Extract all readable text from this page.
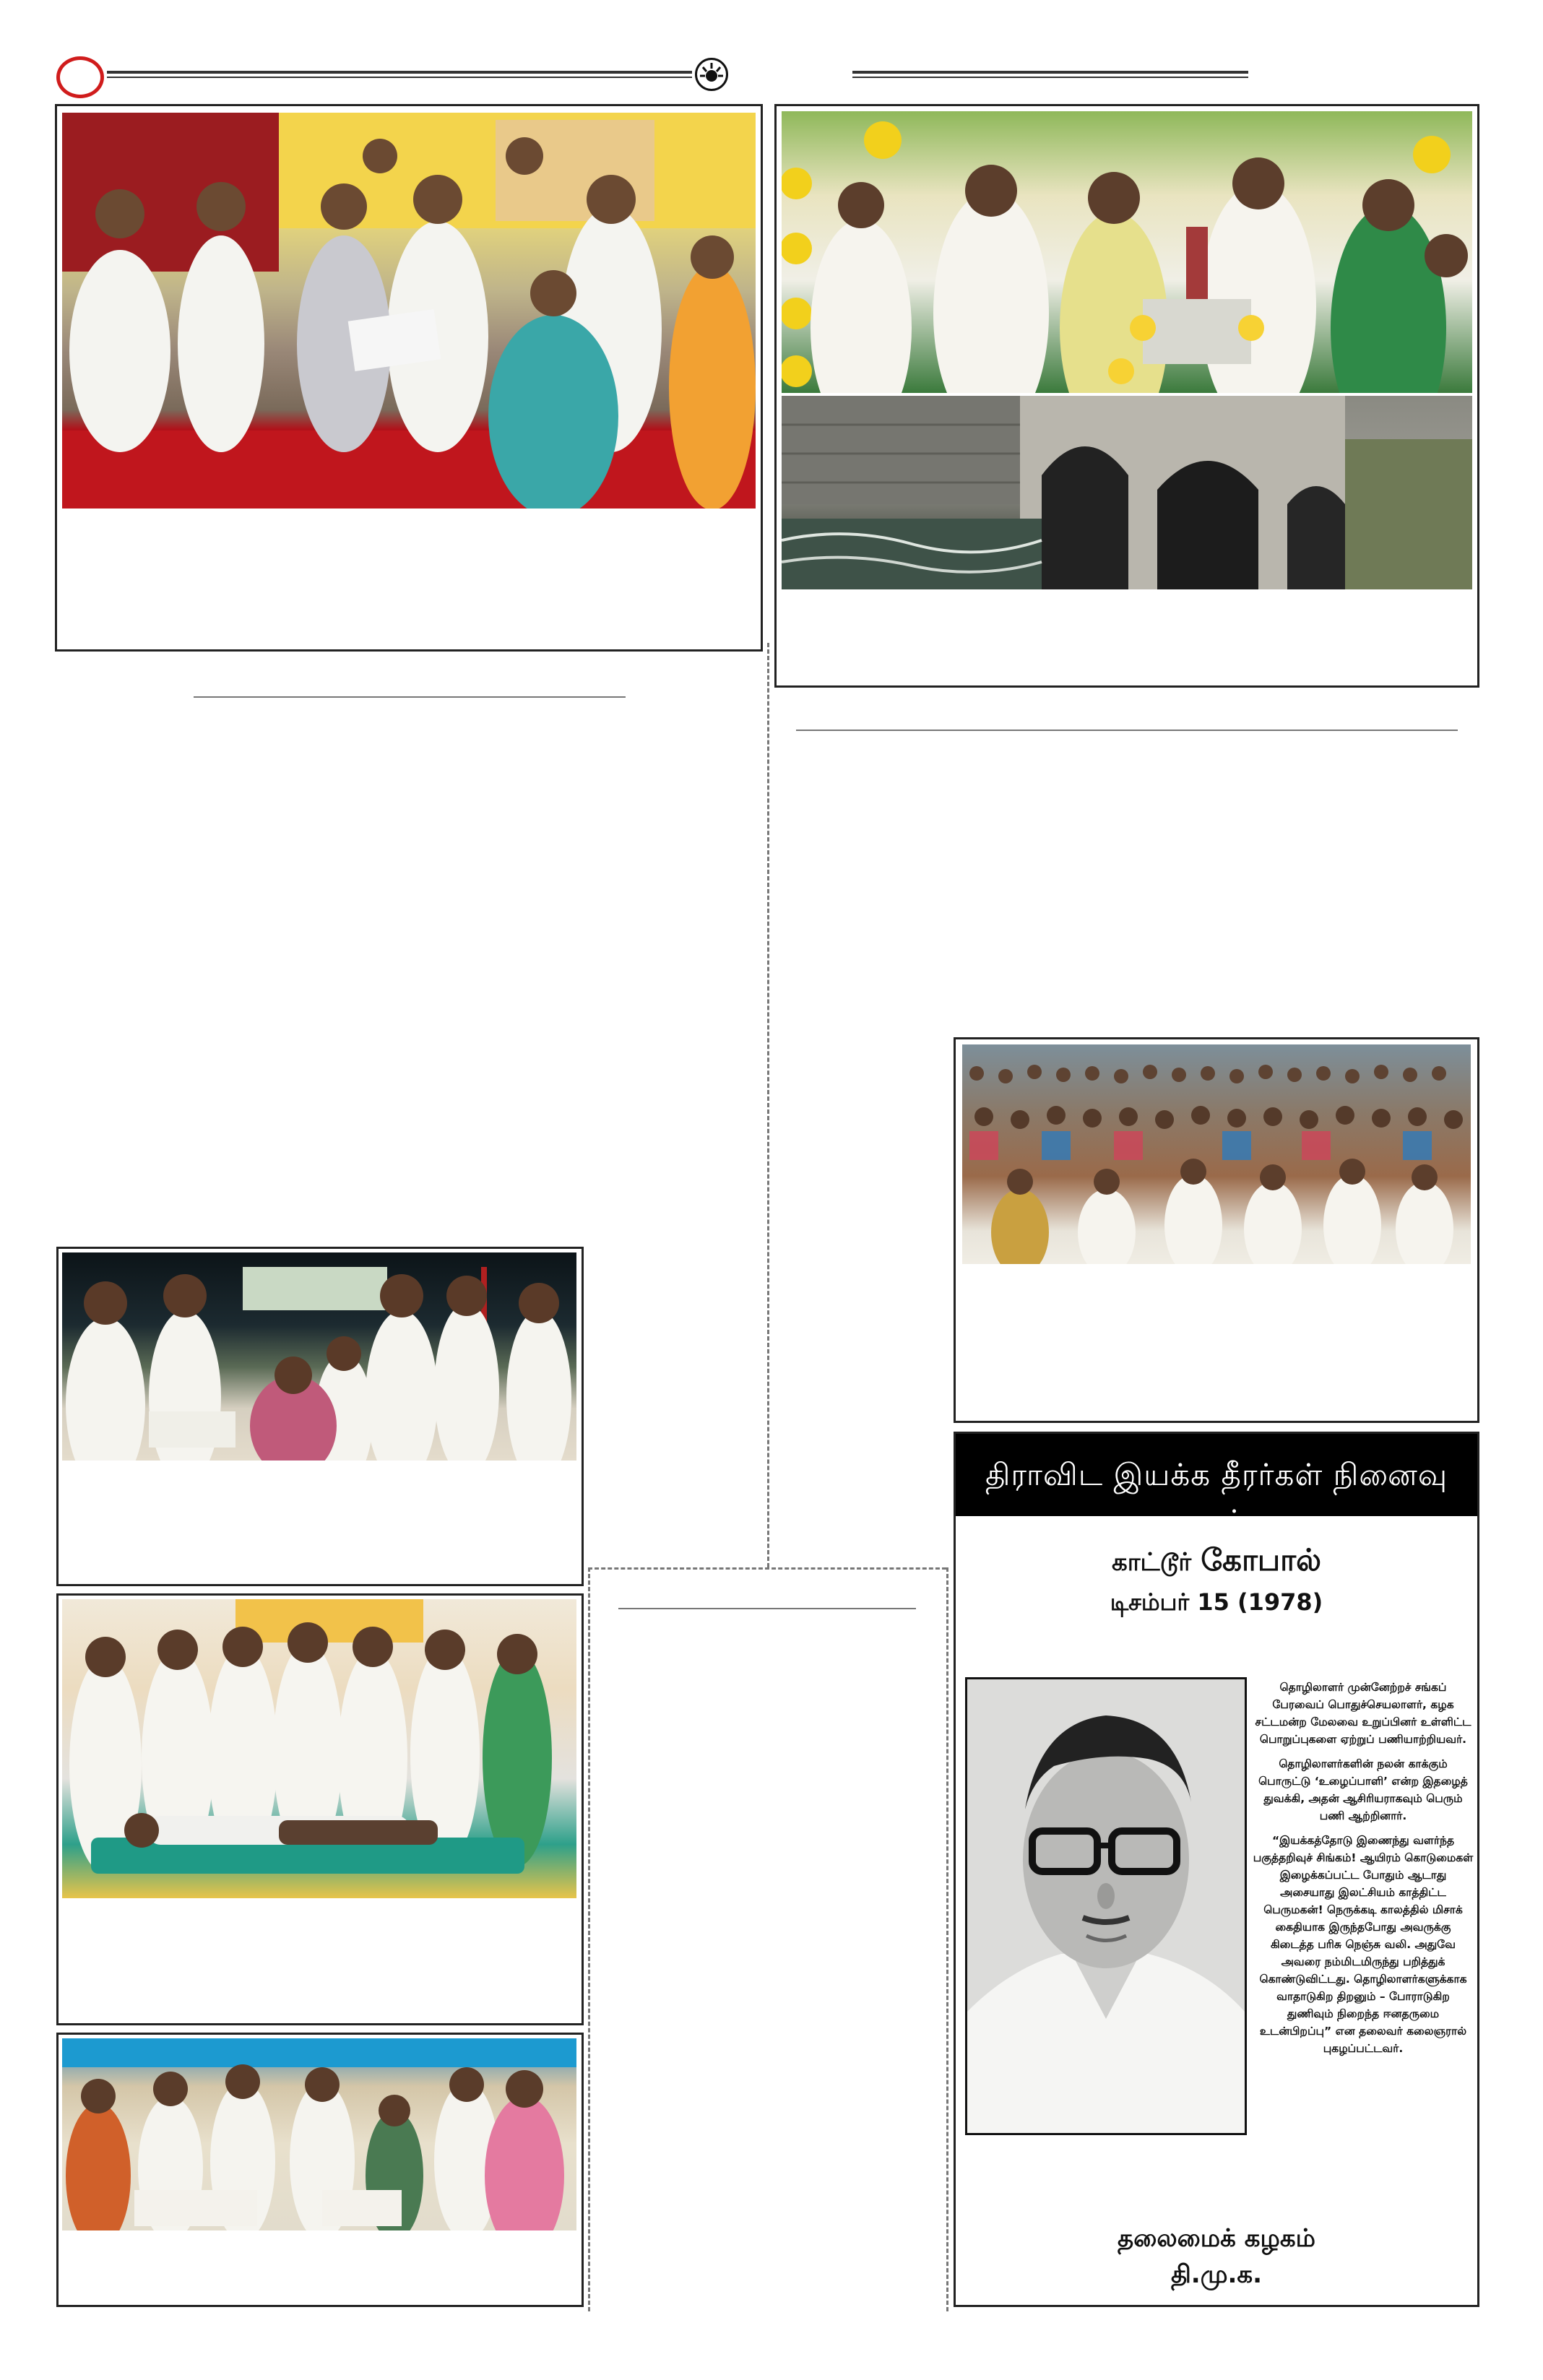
திராவிட இயக்க தீரர்கள் நினைவு நாள்
காட்டூர் கோபால்
டிசம்பர் 15 (1978)

தொழிலாளர் முன்னேற்றச் சங்கப் பேரவைப் பொதுச்செயலாளர், கழக சட்டமன்ற மேலவை உறுப்பினர் உள்ளிட்ட பொறுப்புகளை ஏற்றுப் பணியாற்றியவர்.

தொழிலாளர்களின் நலன் காக்கும் பொருட்டு ‘உழைப்பாளி’ என்ற இதழைத் துவக்கி, அதன் ஆசிரியராகவும் பெரும் பணி ஆற்றினார்.

“இயக்கத்தோடு இணைந்து வளர்ந்த பகுத்தறிவுச் சிங்கம்! ஆயிரம் கொடுமைகள் இழைக்கப்பட்ட போதும் ஆடாது அசையாது இலட்சியம் காத்திட்ட பெருமகன்! நெருக்கடி காலத்தில் மிசாக் கைதியாக இருந்தபோது அவருக்கு கிடைத்த பரிசு நெஞ்சு வலி. அதுவே அவரை நம்மிடமிருந்து பறித்துக் கொண்டுவிட்டது. தொழிலாளர்களுக்காக வாதாடுகிற திறனும் – போராடுகிற துணிவும் நிறைந்த ஈனதருமை உடன்பிறப்பு” என தலைவர் கலைஞரால் புகழப்பட்டவர்.

தலைமைக் கழகம்
தி.மு.க.
